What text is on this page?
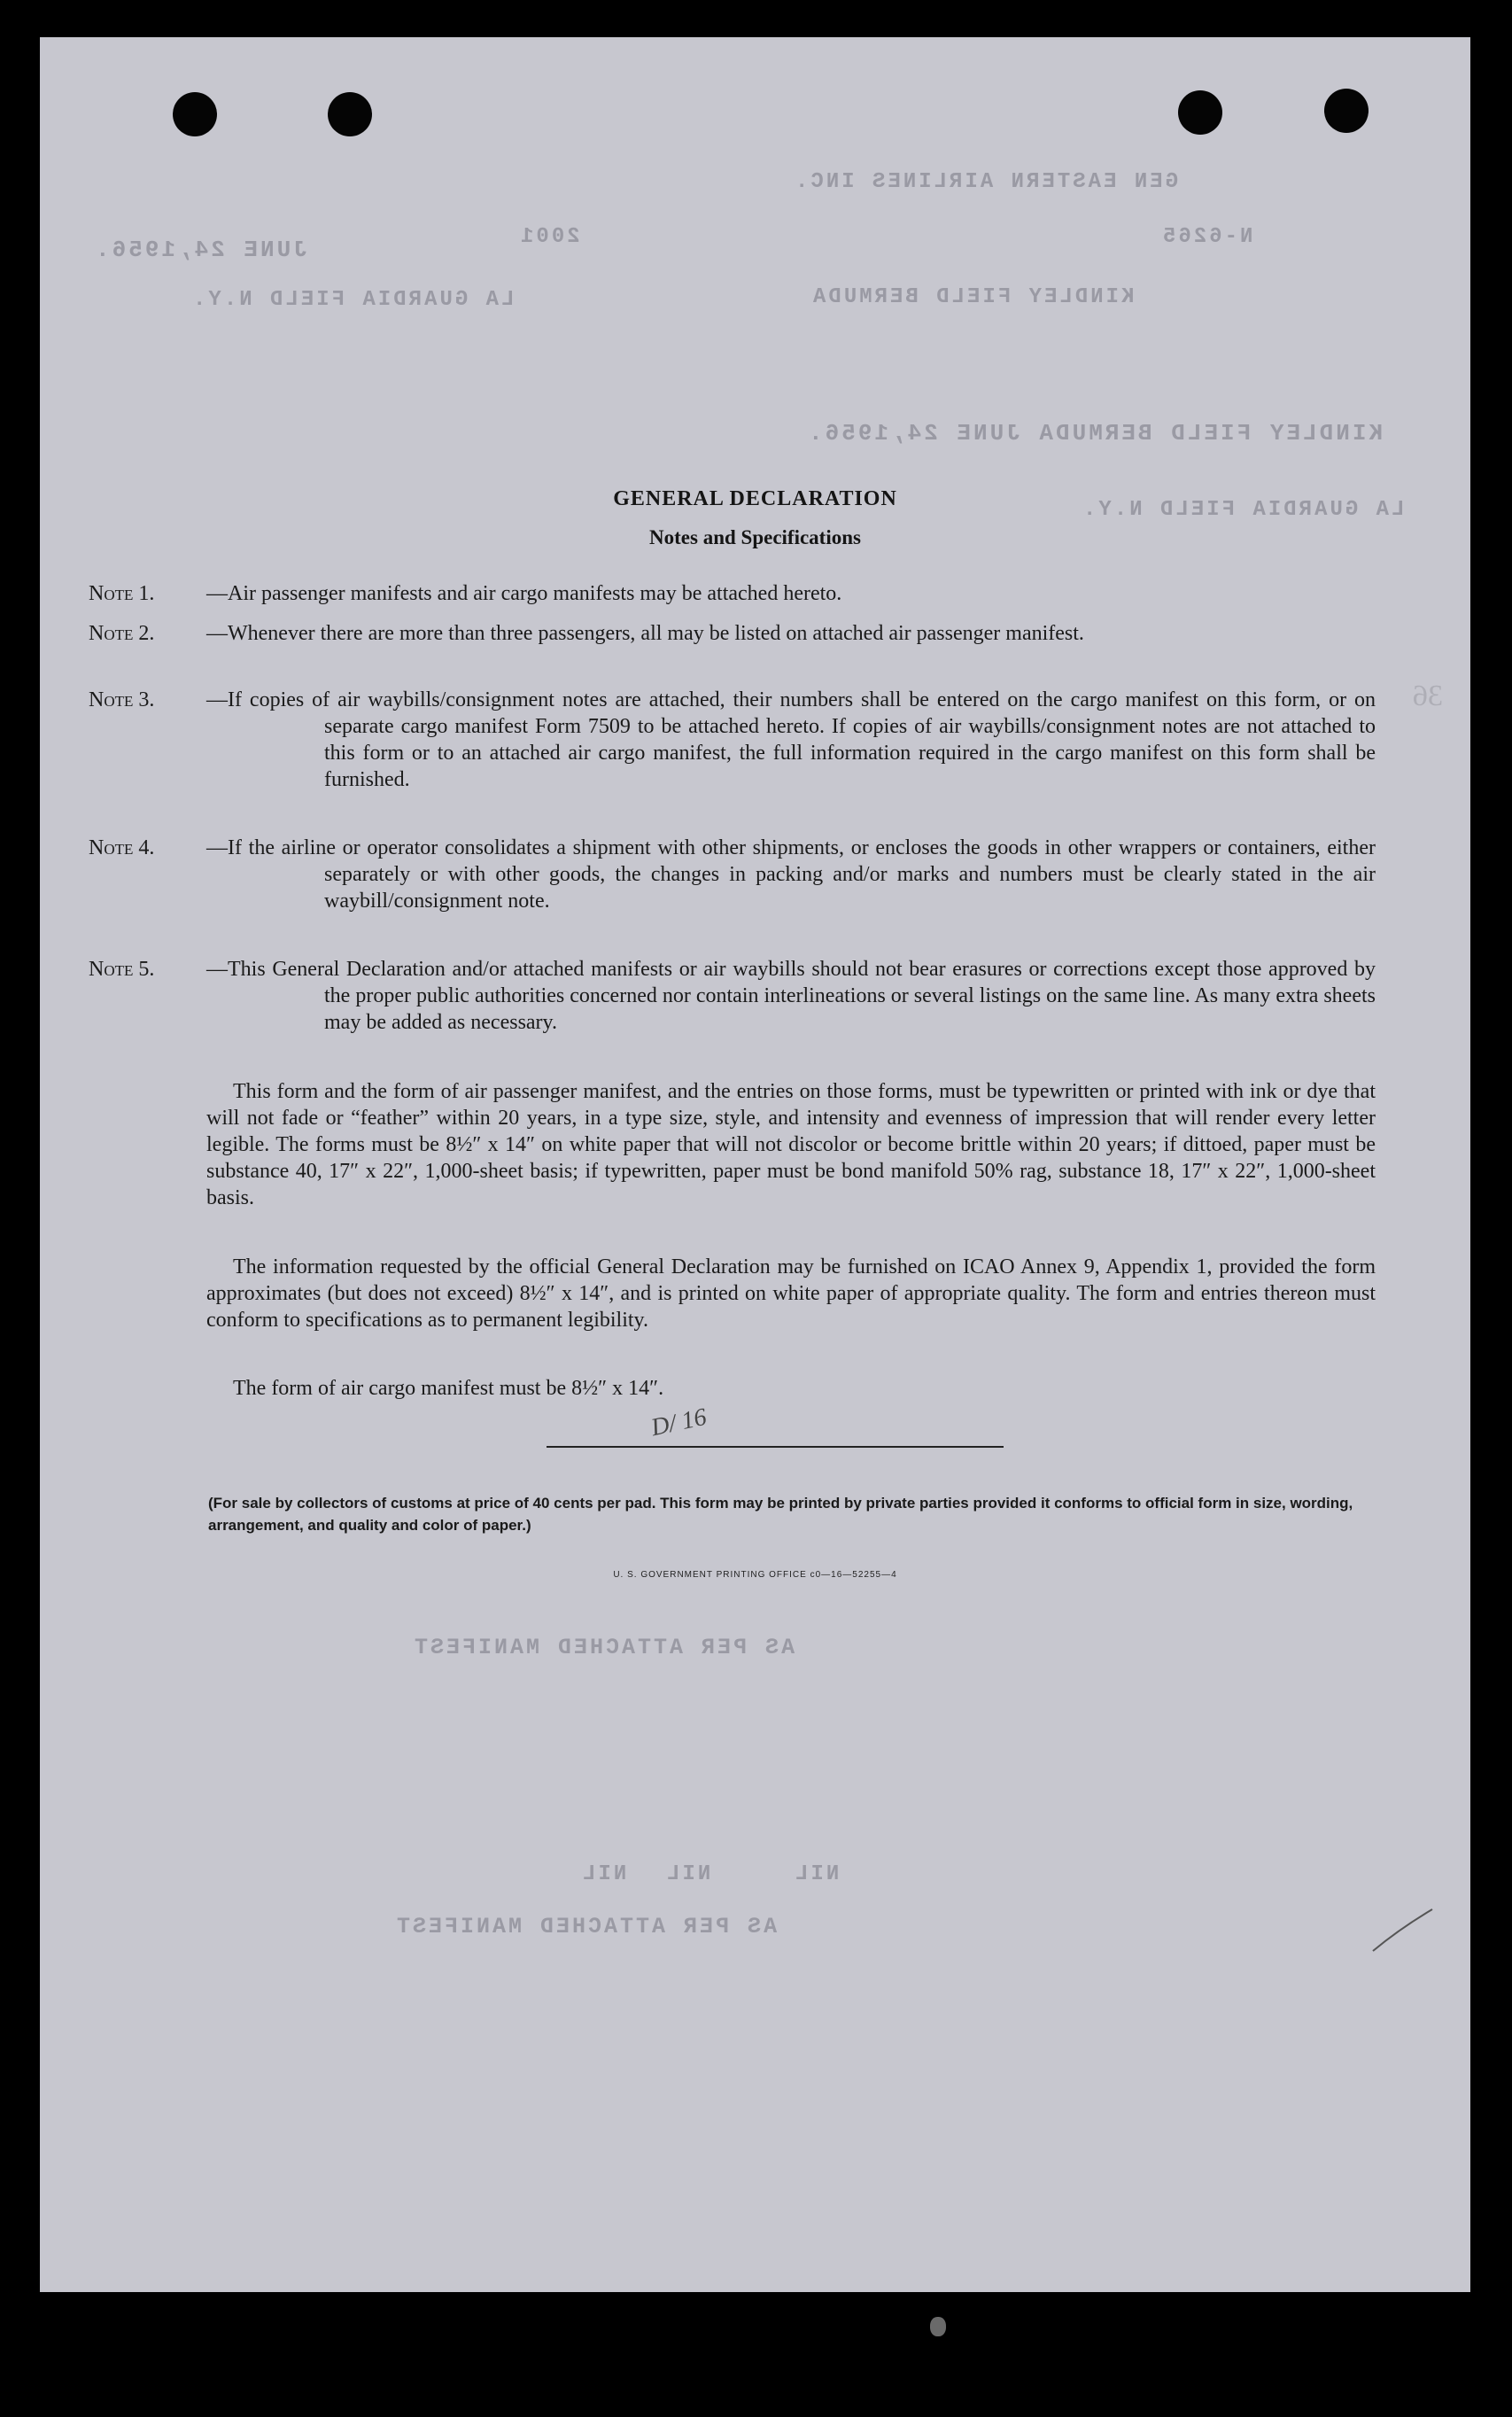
GEN EASTERN AIRLINES INC.
N-6265
2001
JUNE 24,1956.
KINDLEY FIELD BERMUDA
LA GUARDIA FIELD N.Y.
KINDLEY FIELD BERMUDA JUNE 24,1956.
LA GUARDIA FIELD N.Y.
36
AS PER ATTACHED MANIFEST
NIL NIL	NIL
AS PER ATTACHED MANIFEST
GENERAL DECLARATION
Notes and Specifications
Note 1. —Air passenger manifests and air cargo manifests may be attached hereto.
Note 2. —Whenever there are more than three passengers, all may be listed on attached air passenger manifest.
Note 3. —If copies of air waybills/consignment notes are attached, their numbers shall be entered on the cargo manifest on this form, or on separate cargo manifest Form 7509 to be attached hereto. If copies of air waybills/consignment notes are not attached to this form or to an attached air cargo manifest, the full information required in the cargo manifest on this form shall be furnished.
Note 4. —If the airline or operator consolidates a shipment with other shipments, or encloses the goods in other wrappers or containers, either separately or with other goods, the changes in packing and/or marks and numbers must be clearly stated in the air waybill/consignment note.
Note 5. —This General Declaration and/or attached manifests or air waybills should not bear erasures or corrections except those approved by the proper public authorities concerned nor contain interlineations or several listings on the same line. As many extra sheets may be added as necessary.
This form and the form of air passenger manifest, and the entries on those forms, must be typewritten or printed with ink or dye that will not fade or “feather” within 20 years, in a type size, style, and intensity and evenness of impression that will render every letter legible. The forms must be 8½″ x 14″ on white paper that will not discolor or become brittle within 20 years; if dittoed, paper must be substance 40, 17″ x 22″, 1,000-sheet basis; if typewritten, paper must be bond manifold 50% rag, substance 18, 17″ x 22″, 1,000-sheet basis.
The information requested by the official General Declaration may be furnished on ICAO Annex 9, Appendix 1, provided the form approximates (but does not exceed) 8½″ x 14″, and is printed on white paper of appropriate quality. The form and entries thereon must conform to specifications as to permanent legibility.
The form of air cargo manifest must be 8½″ x 14″.
D/ 16
(For sale by collectors of customs at price of 40 cents per pad. This form may be printed by private parties provided it conforms to official form in size, wording, arrangement, and quality and color of paper.)
U. S. GOVERNMENT PRINTING OFFICE c0—16—52255—4
